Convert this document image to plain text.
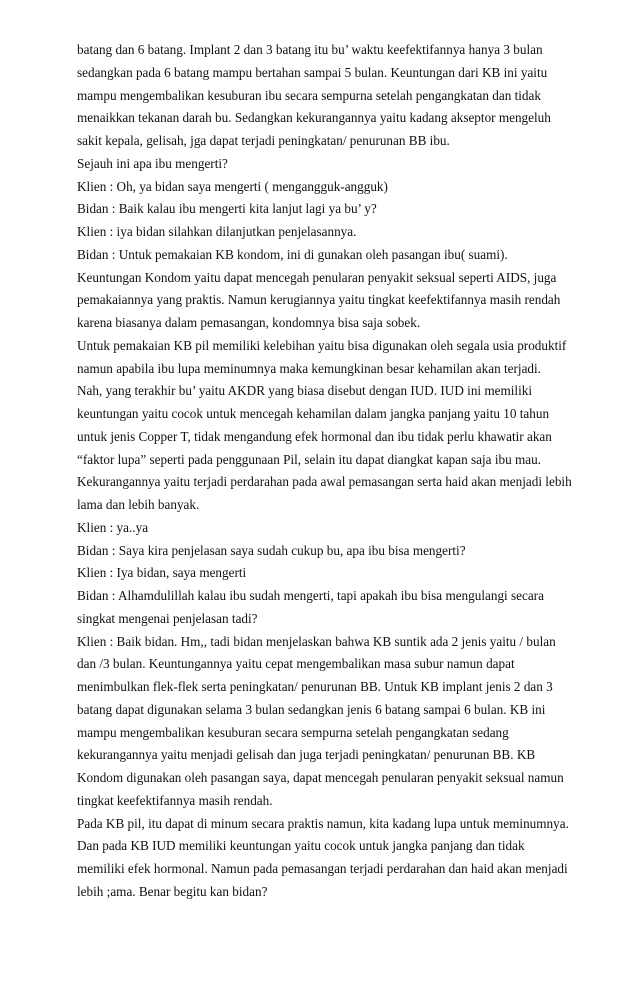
batang dan 6 batang. Implant 2 dan 3 batang itu bu’ waktu keefektifannya hanya 3 bulan
sedangkan pada 6 batang mampu bertahan sampai 5 bulan. Keuntungan dari KB ini yaitu
mampu mengembalikan kesuburan ibu secara sempurna setelah pengangkatan dan tidak
menaikkan tekanan darah bu. Sedangkan kekurangannya yaitu kadang akseptor mengeluh
sakit kepala, gelisah, jga dapat terjadi peningkatan/ penurunan BB ibu.
Sejauh ini apa ibu mengerti?
Klien : Oh, ya bidan saya mengerti ( mengangguk-angguk)
Bidan : Baik kalau ibu mengerti kita lanjut lagi ya bu’ y?
Klien : iya bidan silahkan dilanjutkan penjelasannya.
Bidan : Untuk pemakaian KB kondom, ini di gunakan oleh pasangan ibu( suami).
Keuntungan Kondom yaitu dapat mencegah penularan penyakit seksual seperti AIDS, juga
pemakaiannya yang praktis. Namun kerugiannya yaitu tingkat keefektifannya masih rendah
karena biasanya dalam pemasangan, kondomnya bisa saja sobek.
Untuk pemakaian KB pil memiliki kelebihan yaitu bisa digunakan oleh segala usia produktif
namun apabila ibu lupa meminumnya maka kemungkinan besar kehamilan akan terjadi.
Nah, yang terakhir bu’ yaitu AKDR yang biasa disebut dengan IUD. IUD ini memiliki
keuntungan yaitu cocok untuk mencegah kehamilan dalam jangka panjang yaitu 10 tahun
untuk jenis Copper T, tidak mengandung efek hormonal dan ibu tidak perlu khawatir akan
“faktor lupa” seperti pada penggunaan Pil, selain itu dapat diangkat kapan saja ibu mau.
Kekurangannya yaitu terjadi perdarahan pada awal pemasangan serta haid akan menjadi lebih
lama dan lebih banyak.
Klien : ya..ya
Bidan : Saya kira penjelasan saya sudah cukup bu, apa ibu bisa mengerti?
Klien : Iya bidan, saya mengerti
Bidan : Alhamdulillah kalau ibu sudah mengerti, tapi apakah ibu bisa mengulangi secara
singkat mengenai penjelasan tadi?
Klien : Baik bidan. Hm,, tadi bidan menjelaskan bahwa KB suntik ada 2 jenis yaitu / bulan
dan /3 bulan. Keuntungannya yaitu cepat mengembalikan masa subur namun dapat
menimbulkan flek-flek serta peningkatan/ penurunan BB. Untuk KB implant jenis 2 dan 3
batang dapat digunakan selama 3 bulan sedangkan jenis 6 batang sampai 6 bulan. KB ini
mampu mengembalikan kesuburan secara sempurna setelah pengangkatan sedang
kekurangannya yaitu menjadi gelisah dan juga terjadi peningkatan/ penurunan BB. KB
Kondom digunakan oleh pasangan saya, dapat mencegah penularan penyakit seksual namun
tingkat keefektifannya masih rendah.
Pada KB pil, itu dapat di minum secara praktis namun, kita kadang lupa untuk meminumnya.
Dan pada KB IUD memiliki keuntungan yaitu cocok untuk jangka panjang dan tidak
memiliki efek hormonal. Namun pada pemasangan terjadi perdarahan dan haid akan menjadi
lebih ;ama. Benar begitu kan bidan?
